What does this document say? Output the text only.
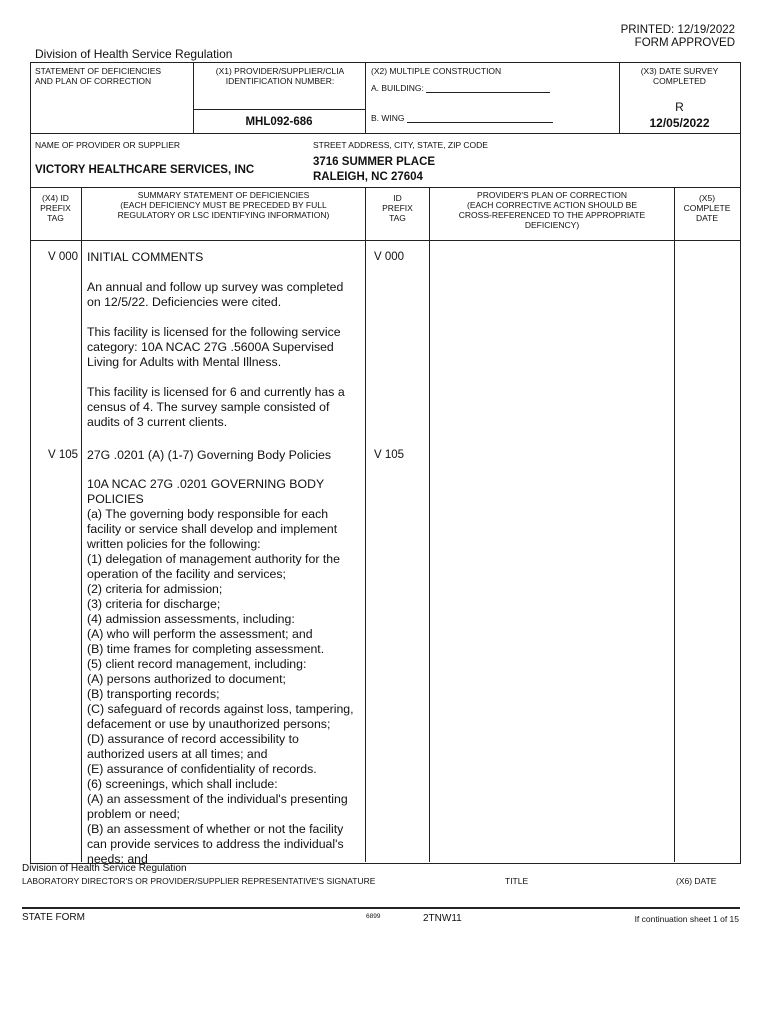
PRINTED: 12/19/2022
FORM APPROVED
Division of Health Service Regulation
STATEMENT OF DEFICIENCIES
AND PLAN OF CORRECTION
(X1) PROVIDER/SUPPLIER/CLIA
IDENTIFICATION NUMBER:
MHL092-686
(X2) MULTIPLE CONSTRUCTION
A. BUILDING:
B. WING
(X3) DATE SURVEY
COMPLETED
R
12/05/2022
NAME OF PROVIDER OR SUPPLIER
VICTORY HEALTHCARE SERVICES, INC
STREET ADDRESS, CITY, STATE, ZIP CODE
3716 SUMMER PLACE
RALEIGH, NC 27604
(X4) ID
PREFIX
TAG
SUMMARY STATEMENT OF DEFICIENCIES
(EACH DEFICIENCY MUST BE PRECEDED BY FULL
REGULATORY OR LSC IDENTIFYING INFORMATION)
ID
PREFIX
TAG
PROVIDER'S PLAN OF CORRECTION
(EACH CORRECTIVE ACTION SHOULD BE
CROSS-REFERENCED TO THE APPROPRIATE
DEFICIENCY)
(X5)
COMPLETE
DATE
V 000	V 000
INITIAL COMMENTS

An annual and follow up survey was completed
on 12/5/22. Deficiencies were cited.

This facility is licensed for the following service
category: 10A NCAC 27G .5600A Supervised
Living for Adults with Mental Illness.

This facility is licensed for 6 and currently has a
census of 4. The survey sample consisted of
audits of 3 current clients.

V 105	V 105
27G .0201 (A) (1-7) Governing Body Policies
10A NCAC 27G .0201 GOVERNING BODY
POLICIES
(a) The governing body responsible for each
facility or service shall develop and implement
written policies for the following:
(1) delegation of management authority for the
operation of the facility and services;
(2) criteria for admission;
(3) criteria for discharge;
(4) admission assessments, including:
(A) who will perform the assessment; and
(B) time frames for completing assessment.
(5) client record management, including:
(A) persons authorized to document;
(B) transporting records;
(C) safeguard of records against loss, tampering,
defacement or use by unauthorized persons;
(D) assurance of record accessibility to
authorized users at all times; and
(E) assurance of confidentiality of records.
(6) screenings, which shall include:
(A) an assessment of the individual's presenting
problem or need;
(B) an assessment of whether or not the facility
can provide services to address the individual's
needs; and
Division of Health Service Regulation
LABORATORY DIRECTOR'S OR PROVIDER/SUPPLIER REPRESENTATIVE'S SIGNATURE	TITLE	(X6) DATE
STATE FORM	6899	2TNW11	If continuation sheet 1 of 15
